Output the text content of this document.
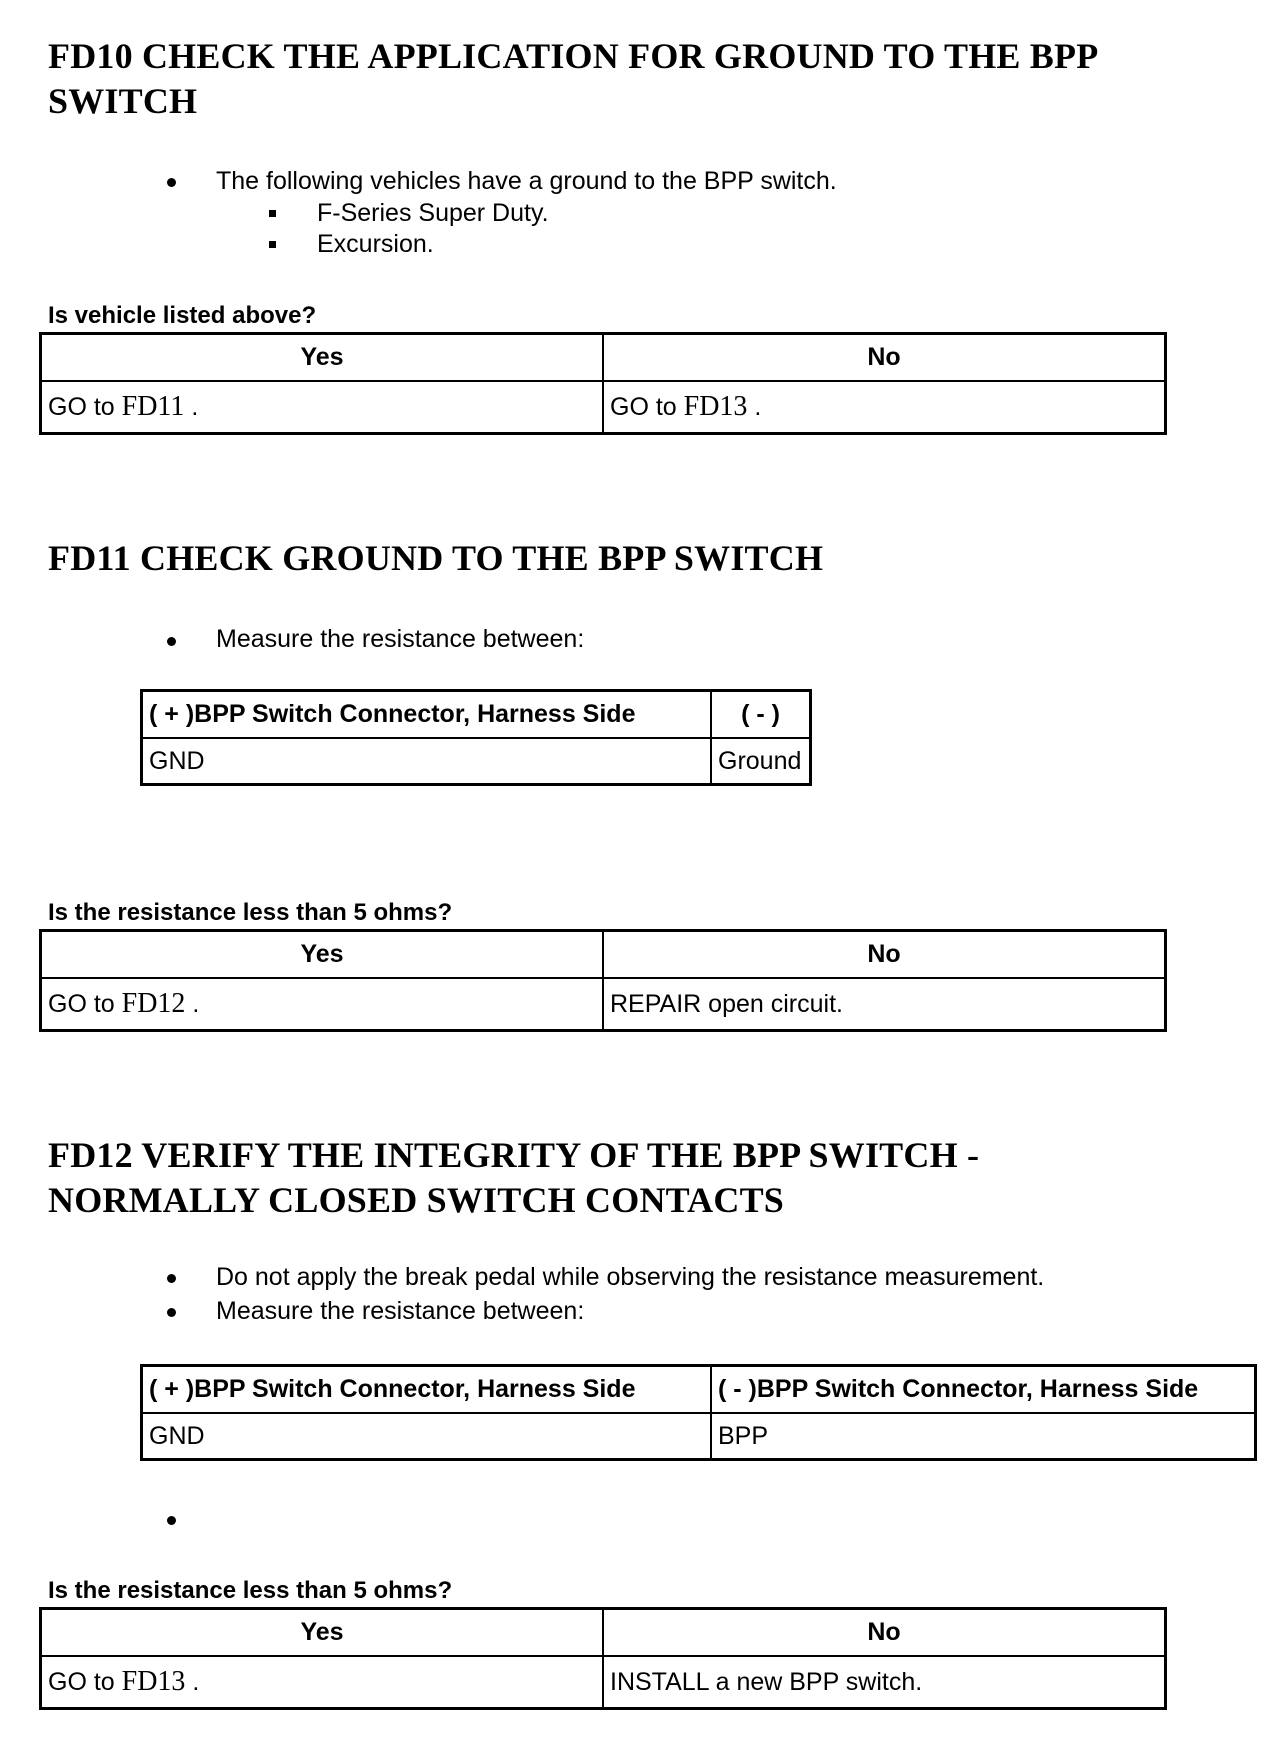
FD10 CHECK THE APPLICATION FOR GROUND TO THE BPP
SWITCH
The following vehicles have a ground to the BPP switch.
F-Series Super Duty.
Excursion.
Is vehicle listed above?
Yes	No
GO to FD11 .	GO to FD13 .
FD11 CHECK GROUND TO THE BPP SWITCH
Measure the resistance between:
( + )BPP Switch Connector, Harness Side	( - )
GND	Ground
Is the resistance less than 5 ohms?
Yes	No
GO to FD12 .	REPAIR open circuit.
FD12 VERIFY THE INTEGRITY OF THE BPP SWITCH -
NORMALLY CLOSED SWITCH CONTACTS
Do not apply the break pedal while observing the resistance measurement.
Measure the resistance between:
( + )BPP Switch Connector, Harness Side	( - )BPP Switch Connector, Harness Side
GND	BPP
Is the resistance less than 5 ohms?
Yes	No
GO to FD13 .	INSTALL a new BPP switch.
